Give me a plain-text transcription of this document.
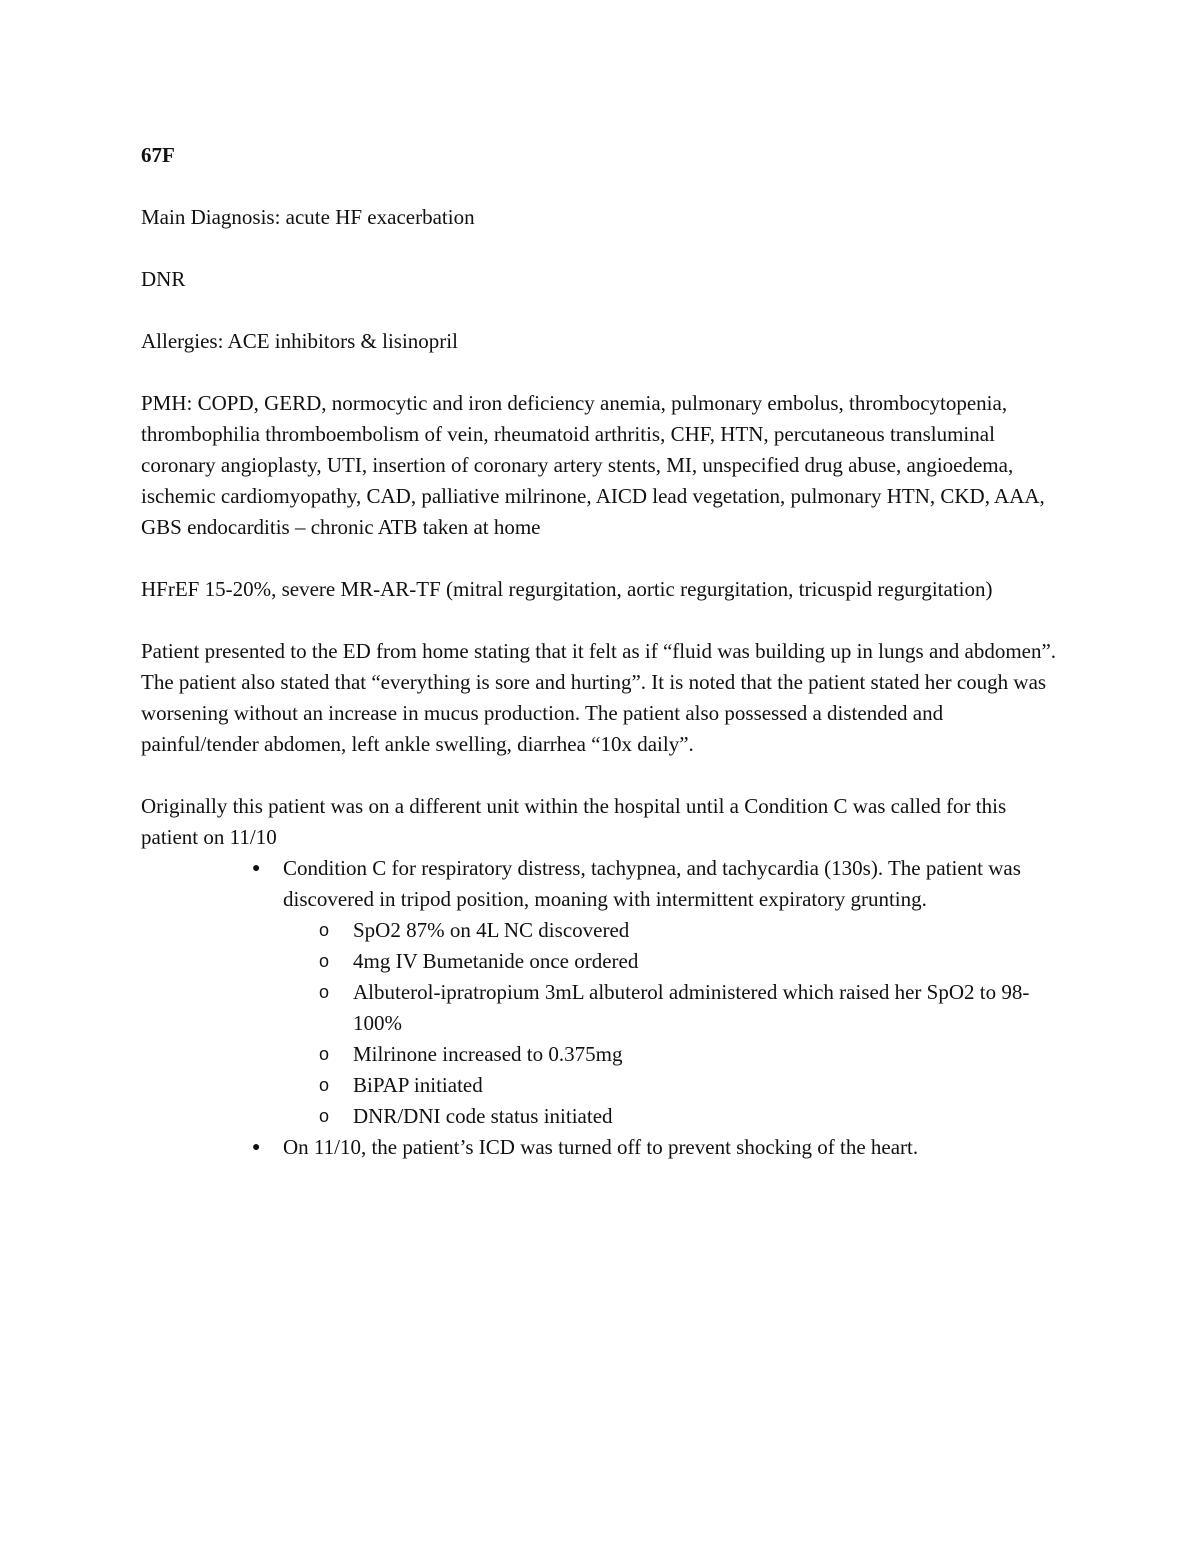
67F
Main Diagnosis: acute HF exacerbation
DNR
Allergies: ACE inhibitors & lisinopril
PMH: COPD, GERD, normocytic and iron deficiency anemia, pulmonary embolus, thrombocytopenia, thrombophilia thromboembolism of vein, rheumatoid arthritis, CHF, HTN, percutaneous transluminal coronary angioplasty, UTI, insertion of coronary artery stents, MI, unspecified drug abuse, angioedema, ischemic cardiomyopathy, CAD, palliative milrinone, AICD lead vegetation, pulmonary HTN, CKD, AAA, GBS endocarditis – chronic ATB taken at home
HFrEF 15-20%, severe MR-AR-TF (mitral regurgitation, aortic regurgitation, tricuspid regurgitation)
Patient presented to the ED from home stating that it felt as if “fluid was building up in lungs and abdomen”. The patient also stated that “everything is sore and hurting”. It is noted that the patient stated her cough was worsening without an increase in mucus production. The patient also possessed a distended and painful/tender abdomen, left ankle swelling, diarrhea “10x daily”.
Originally this patient was on a different unit within the hospital until a Condition C was called for this patient on 11/10
● Condition C for respiratory distress, tachypnea, and tachycardia (130s). The patient was discovered in tripod position, moaning with intermittent expiratory grunting.
o SpO2 87% on 4L NC discovered
o 4mg IV Bumetanide once ordered
o Albuterol-ipratropium 3mL albuterol administered which raised her SpO2 to 98-100%
o Milrinone increased to 0.375mg
o BiPAP initiated
o DNR/DNI code status initiated
● On 11/10, the patient’s ICD was turned off to prevent shocking of the heart.
